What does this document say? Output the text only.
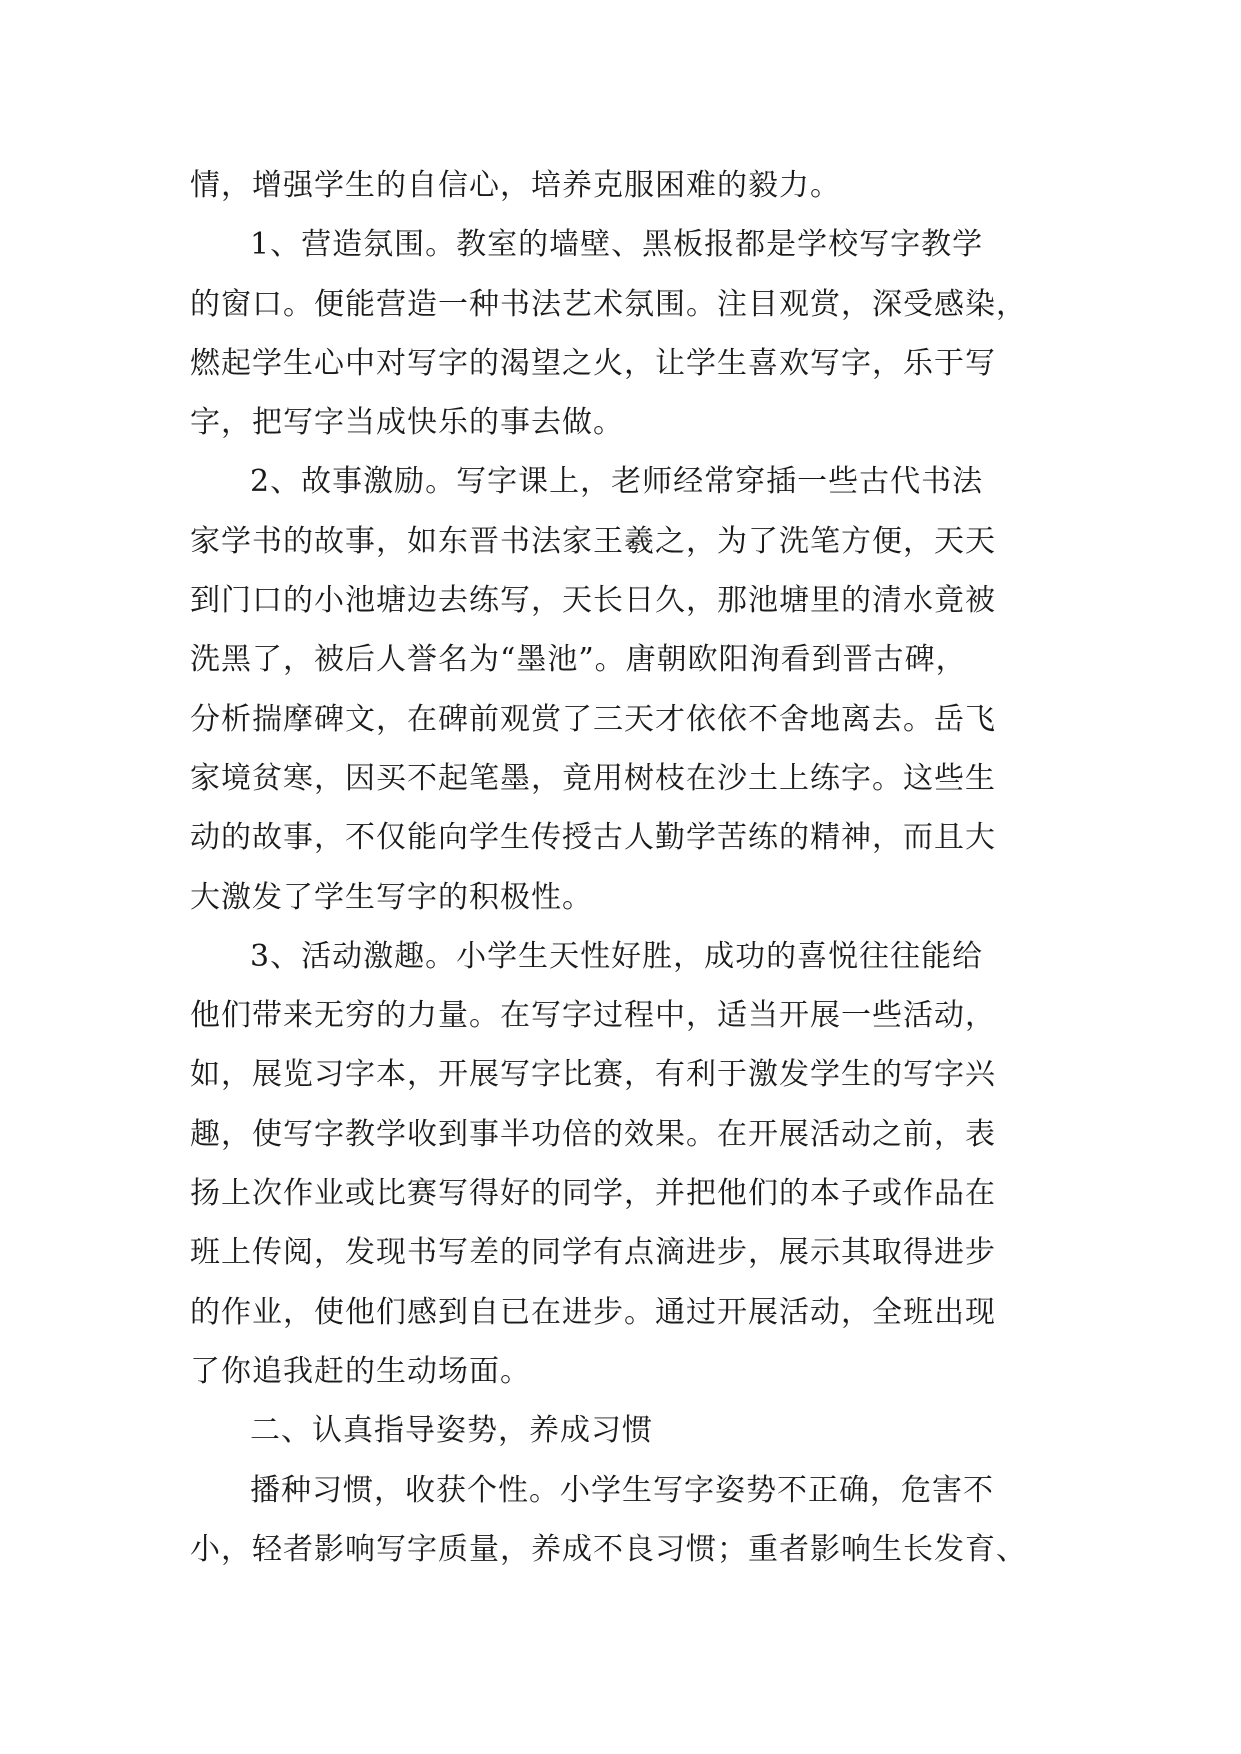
情，增强学生的自信心，培养克服困难的毅力。

1、营造氛围。教室的墙壁、黑板报都是学校写字教学
的窗口。便能营造一种书法艺术氛围。注目观赏，深受感染，
燃起学生心中对写字的渴望之火，让学生喜欢写字，乐于写
字，把写字当成快乐的事去做。

2、故事激励。写字课上，老师经常穿插一些古代书法
家学书的故事，如东晋书法家王羲之，为了洗笔方便，天天
到门口的小池塘边去练写，天长日久，那池塘里的清水竟被
洗黑了，被后人誉名为“墨池”。唐朝欧阳洵看到晋古碑，
分析揣摩碑文，在碑前观赏了三天才依依不舍地离去。岳飞
家境贫寒，因买不起笔墨，竟用树枝在沙土上练字。这些生
动的故事，不仅能向学生传授古人勤学苦练的精神，而且大
大激发了学生写字的积极性。

3、活动激趣。小学生天性好胜，成功的喜悦往往能给
他们带来无穷的力量。在写字过程中，适当开展一些活动，
如，展览习字本，开展写字比赛，有利于激发学生的写字兴
趣，使写字教学收到事半功倍的效果。在开展活动之前，表
扬上次作业或比赛写得好的同学，并把他们的本子或作品在
班上传阅，发现书写差的同学有点滴进步，展示其取得进步
的作业，使他们感到自已在进步。通过开展活动，全班出现
了你追我赶的生动场面。

二、认真指导姿势，养成习惯

播种习惯，收获个性。小学生写字姿势不正确，危害不
小，轻者影响写字质量，养成不良习惯；重者影响生长发育、
